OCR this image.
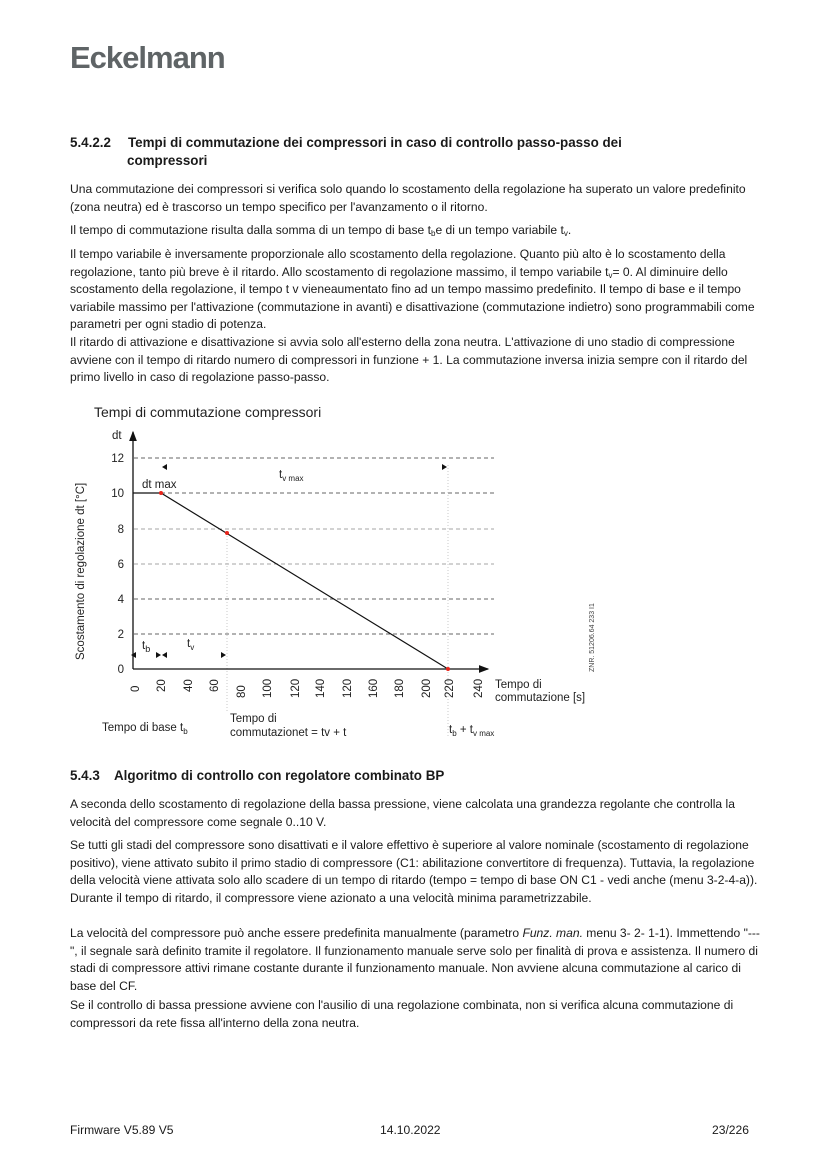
Eckelmann
5.4.2.2 Tempi di commutazione dei compressori in caso di controllo passo-passo dei
compressori
Una commutazione dei compressori si verifica solo quando lo scostamento della regolazione ha superato un valore predefinito (zona neutra) ed è trascorso un tempo specifico per l'avanzamento o il ritorno.
Il tempo di commutazione risulta dalla somma di un tempo di base $t_be$ di un tempo variabile $t_v$.
Il tempo variabile è inversamente proporzionale allo scostamento della regolazione. Quanto più alto è lo scostamento della regolazione, tanto più breve è il ritardo. Allo scostamento di regolazione massimo, il tempo variabile $t_v= 0$. Al diminuire dello scostamento della regolazione, il tempo t v vieneaumentato fino ad un tempo massimo predefinito. Il tempo di base e il tempo variabile massimo per l'attivazione (commutazione in avanti) e disattivazione (commutazione indietro) sono programmabili come parametri per ogni stadio di potenza.
Il ritardo di attivazione e disattivazione si avvia solo all'esterno della zona neutra. L'attivazione di uno stadio di compressione avviene con il tempo di ritardo numero di compressori in funzione + 1. La commutazione inversa inizia sempre con il ritardo del primo livello in caso di regolazione passo-passo.
Tempi di commutazione compressori
dt
Scostamento di regolazione dt [°C]
12
10
8
6
4
2
0
0 20 40 60 80 100 120 140 120 160 180 200 220 240 Tempo di
commutazione [s]
dt max
$t_{v max}$
$t_b$	$t_v$	ZNR. 51206.64 233 I1
Tempo di base $t_b$
Tempo di
commutazionet = tv + t	$t_b + t_{v max}$
5.4.3 Algoritmo di controllo con regolatore combinato BP
A seconda dello scostamento di regolazione della bassa pressione, viene calcolata una grandezza regolante che controlla la velocità del compressore come segnale 0..10 V.
Se tutti gli stadi del compressore sono disattivati e il valore effettivo è superiore al valore nominale (scostamento di regolazione positivo), viene attivato subito il primo stadio di compressore (C1: abilitazione convertitore di frequenza). Tuttavia, la regolazione della velocità viene attivata solo allo scadere di un tempo di ritardo (tempo = tempo di base ON C1 - vedi anche (menu 3-2-4-a)). Durante il tempo di ritardo, il compressore viene azionato a una velocità minima parametrizzabile.
La velocità del compressore può anche essere predefinita manualmente (parametro Funz. man. menu 3- 2- 1-1). Immettendo "---", il segnale sarà definito tramite il regolatore. Il funzionamento manuale serve solo per finalità di prova e assistenza. Il numero di stadi di compressore attivi rimane costante durante il funzionamento manuale. Non avviene alcuna commutazione al carico di base del CF.
Se il controllo di bassa pressione avviene con l'ausilio di una regolazione combinata, non si verifica alcuna commutazione di compressori da rete fissa all'interno della zona neutra.
Firmware V5.89 V5	14.10.2022	23/226
